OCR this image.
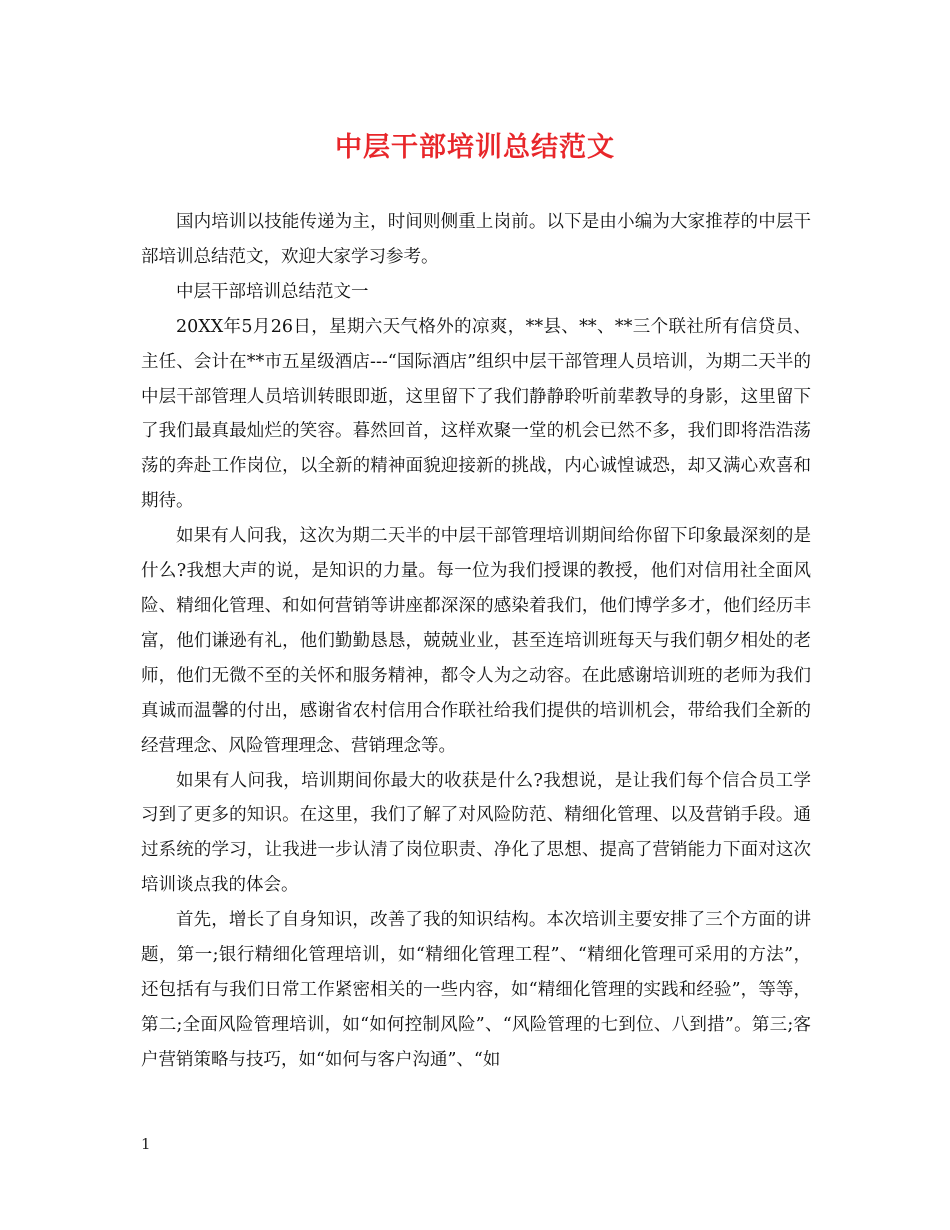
中层干部培训总结范文

国内培训以技能传递为主，时间则侧重上岗前。以下是由小编为大家推荐的中层干部培训总结范文，欢迎大家学习参考。

中层干部培训总结范文一

20XX年5月26日，星期六天气格外的凉爽，**县、**、**三个联社所有信贷员、主任、会计在**市五星级酒店---“国际酒店”组织中层干部管理人员培训，为期二天半的中层干部管理人员培训转眼即逝，这里留下了我们静静聆听前辈教导的身影，这里留下了我们最真最灿烂的笑容。暮然回首，这样欢聚一堂的机会已然不多，我们即将浩浩荡荡的奔赴工作岗位，以全新的精神面貌迎接新的挑战，内心诚惶诚恐，却又满心欢喜和期待。

如果有人问我，这次为期二天半的中层干部管理培训期间给你留下印象最深刻的是什么?我想大声的说，是知识的力量。每一位为我们授课的教授，他们对信用社全面风险、精细化管理、和如何营销等讲座都深深的感染着我们，他们博学多才，他们经历丰富，他们谦逊有礼，他们勤勤恳恳，兢兢业业，甚至连培训班每天与我们朝夕相处的老师，他们无微不至的关怀和服务精神，都令人为之动容。在此感谢培训班的老师为我们真诚而温馨的付出，感谢省农村信用合作联社给我们提供的培训机会，带给我们全新的经营理念、风险管理理念、营销理念等。

如果有人问我，培训期间你最大的收获是什么?我想说，是让我们每个信合员工学习到了更多的知识。在这里，我们了解了对风险防范、精细化管理、以及营销手段。通过系统的学习，让我进一步认清了岗位职责、净化了思想、提高了营销能力下面对这次培训谈点我的体会。

首先，增长了自身知识，改善了我的知识结构。本次培训主要安排了三个方面的讲题，第一;银行精细化管理培训，如“精细化管理工程”、“精细化管理可采用的方法”，还包括有与我们日常工作紧密相关的一些内容，如“精细化管理的实践和经验”，等等，第二;全面风险管理培训，如“如何控制风险”、“风险管理的七到位、八到措”。第三;客户营销策略与技巧，如“如何与客户沟通”、“如

1
